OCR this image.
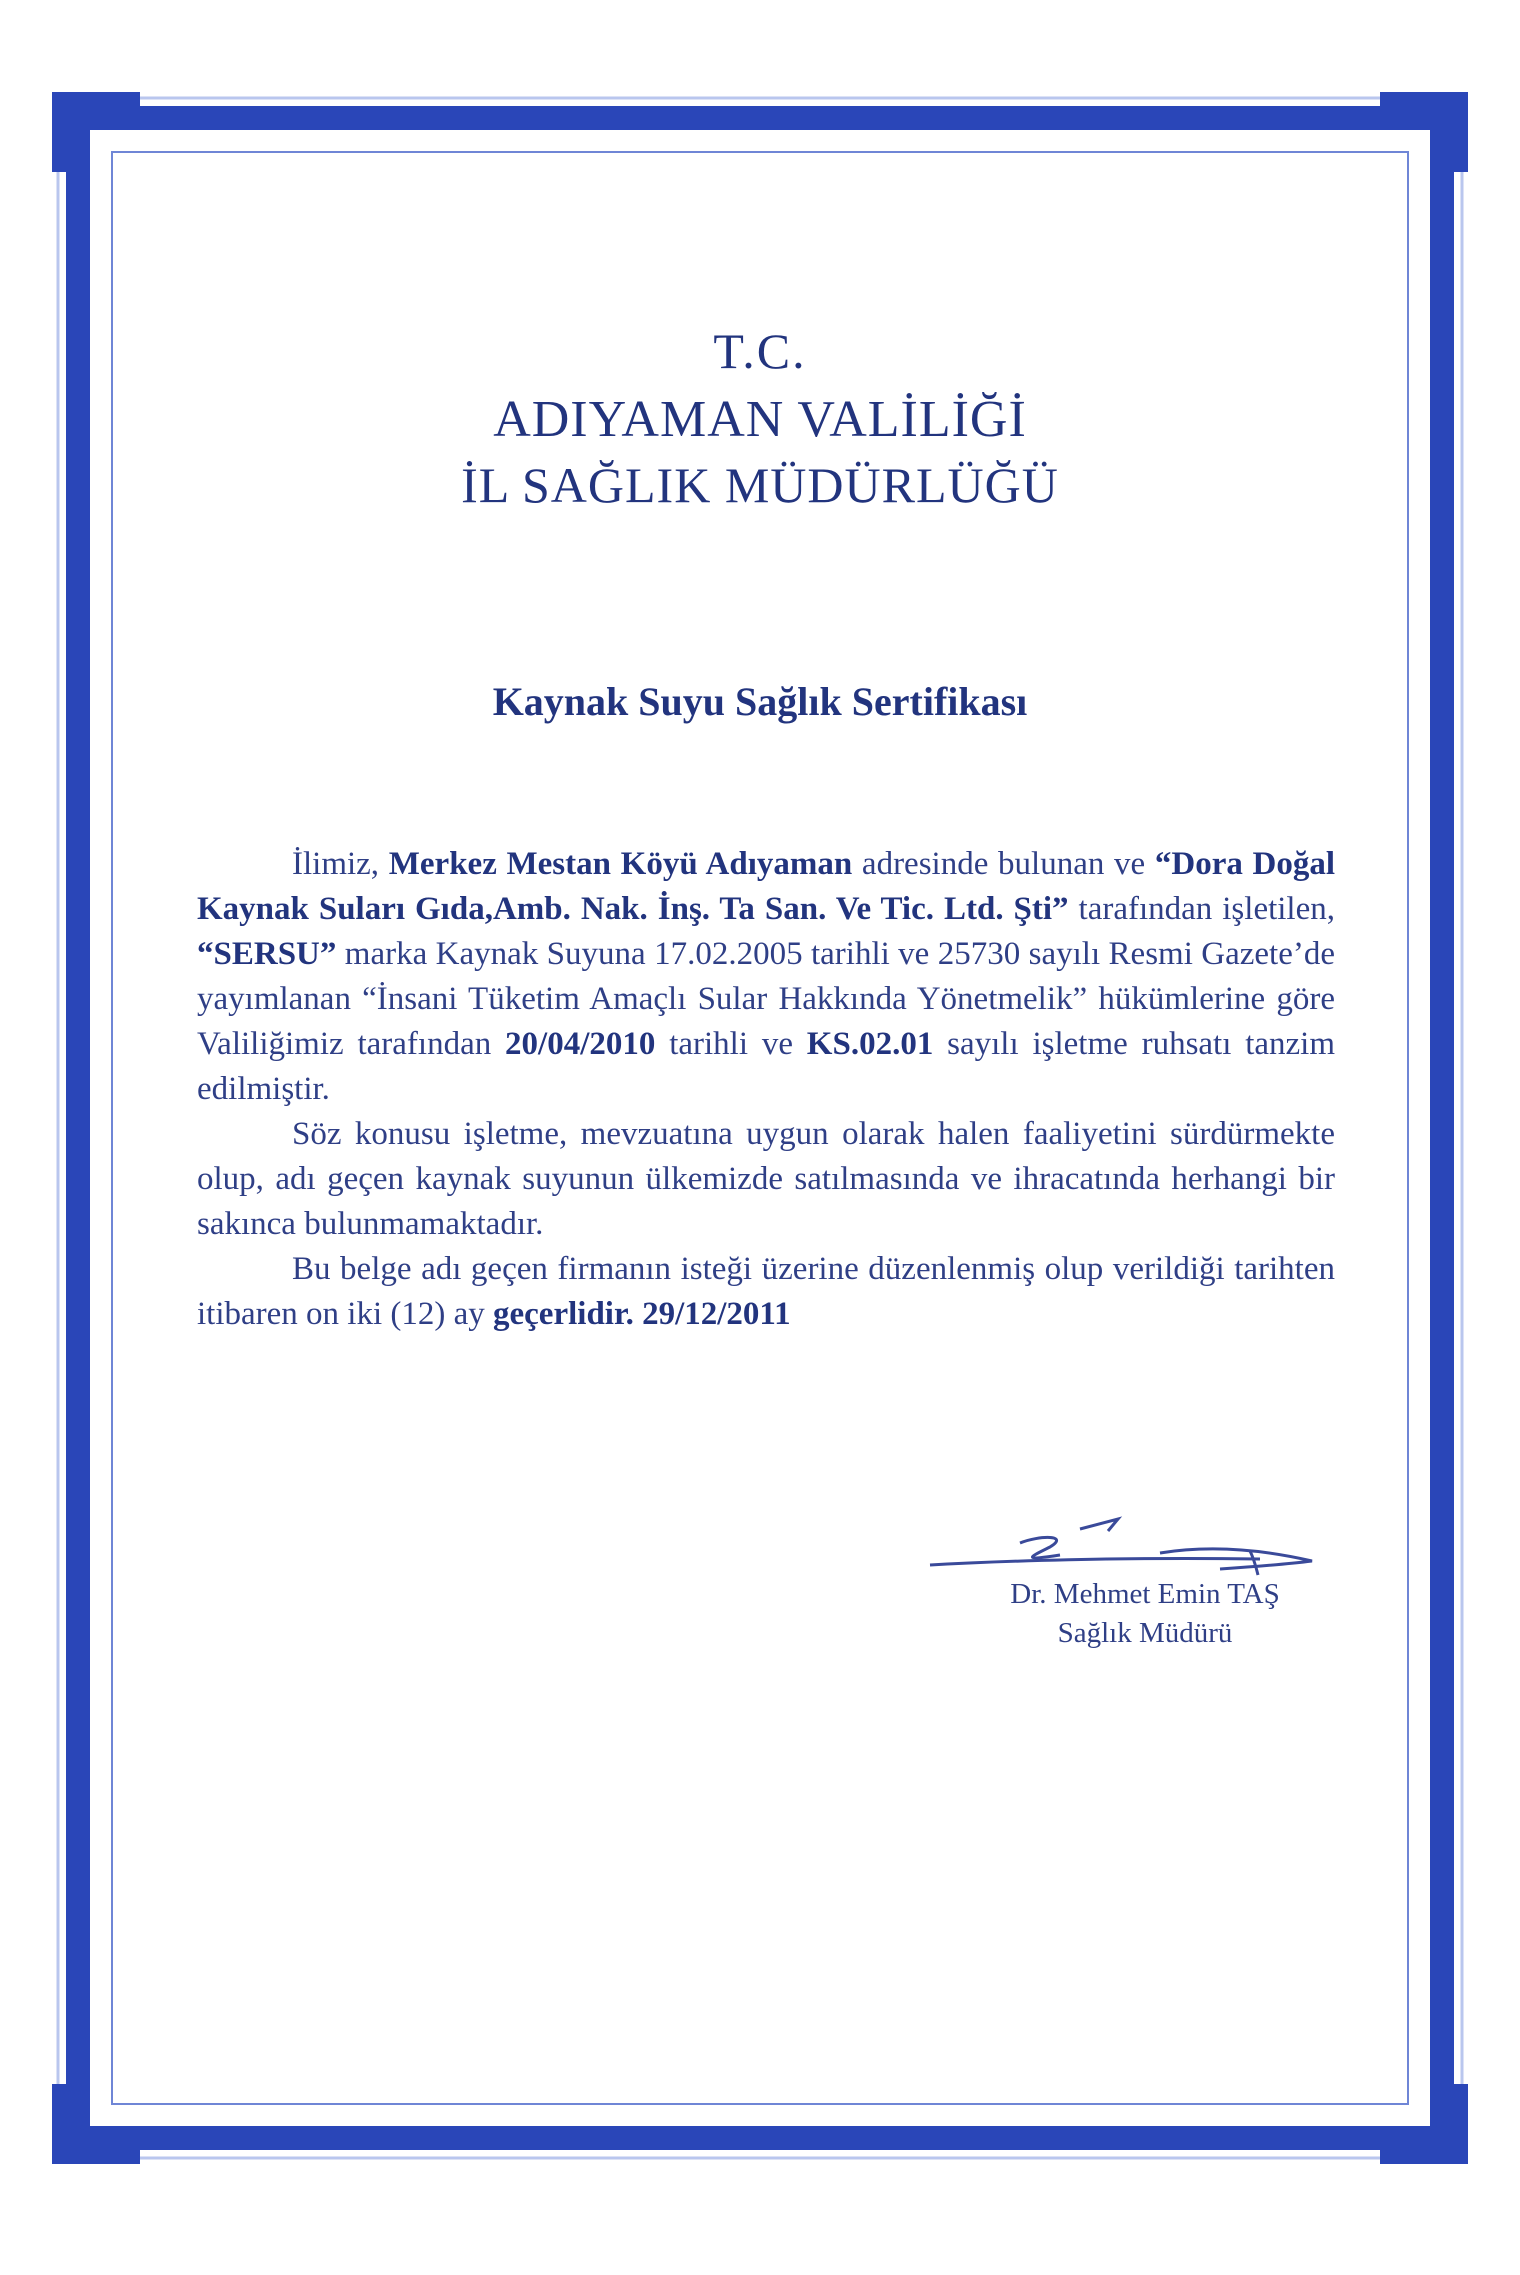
T.C.
ADIYAMAN VALİLİĞİ
İL SAĞLIK MÜDÜRLÜĞÜ
Kaynak Suyu Sağlık Sertifikası

İlimiz, Merkez Mestan Köyü Adıyaman adresinde bulunan ve “Dora Doğal Kaynak Suları Gıda,Amb. Nak. İnş. Ta San. Ve Tic. Ltd. Şti” tarafından işletilen, “SERSU” marka Kaynak Suyuna 17.02.2005 tarihli ve 25730 sayılı Resmi Gazete’de yayımlanan “İnsani Tüketim Amaçlı Sular Hakkında Yönetmelik” hükümlerine göre Valiliğimiz tarafından 20/04/2010 tarihli ve KS.02.01 sayılı işletme ruhsatı tanzim edilmiştir.

Söz konusu işletme, mevzuatına uygun olarak halen faaliyetini sürdürmekte olup, adı geçen kaynak suyunun ülkemizde satılmasında ve ihracatında herhangi bir sakınca bulunmamaktadır.

Bu belge adı geçen firmanın isteği üzerine düzenlenmiş olup verildiği tarihten itibaren on iki (12) ay geçerlidir. 29/12/2011

Dr. Mehmet Emin TAŞ
Sağlık Müdürü
